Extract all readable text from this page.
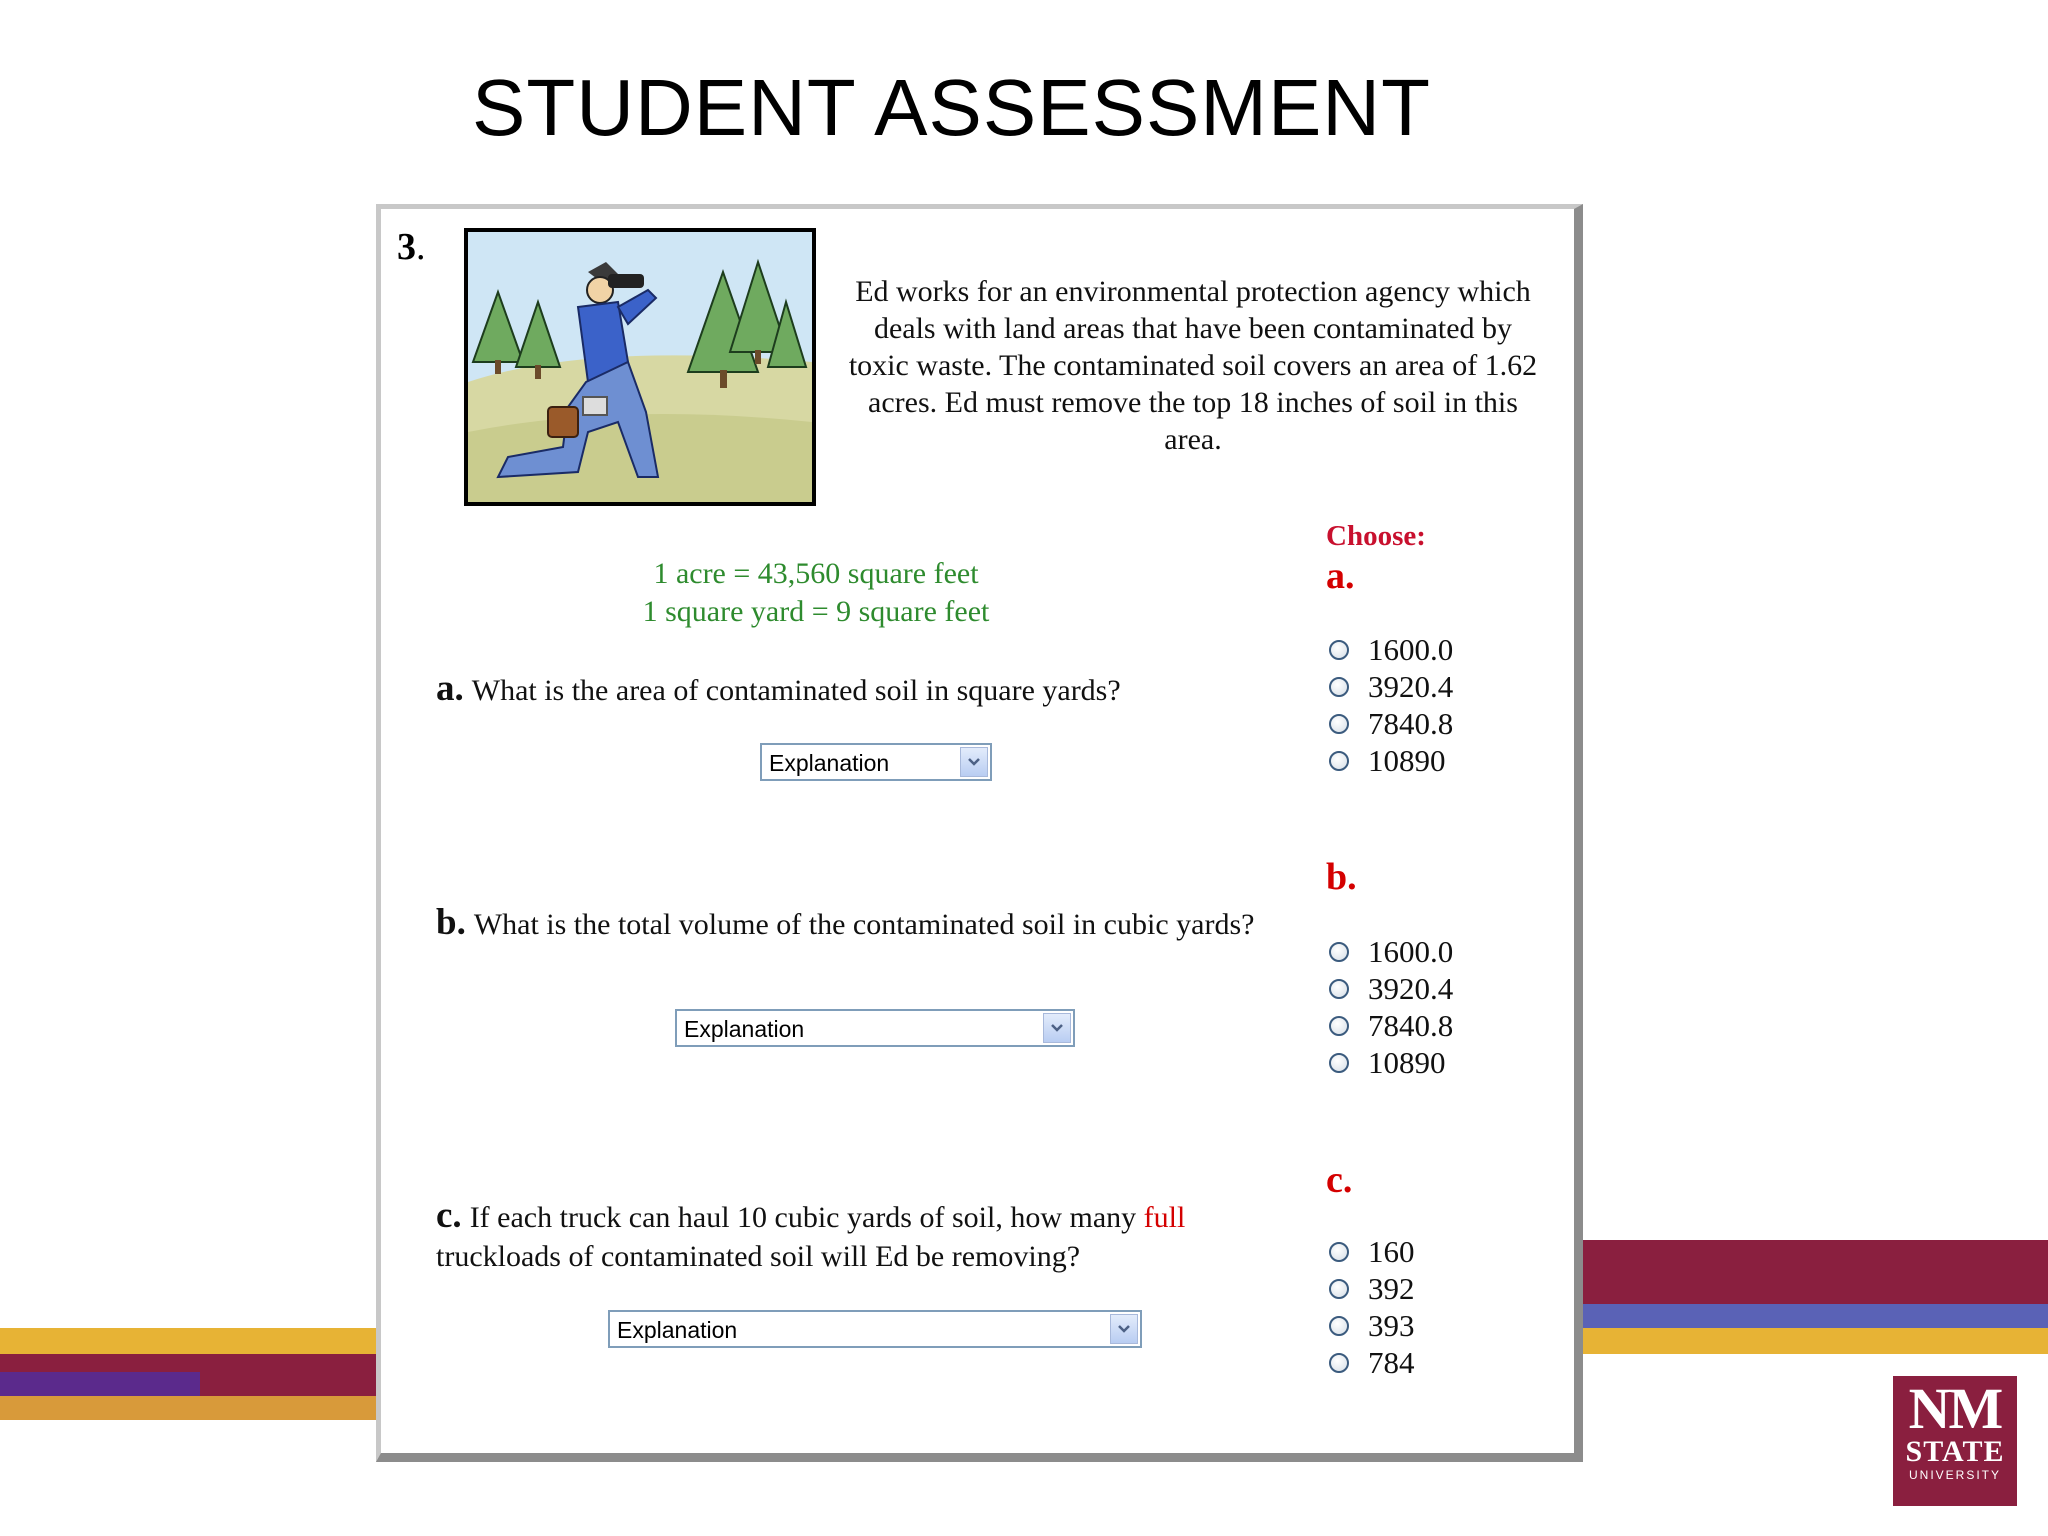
STUDENT ASSESSMENT
3.
Ed works for an environmental protection agency which deals with land areas that have been contaminated by toxic waste. The contaminated soil covers an area of 1.62 acres. Ed must remove the top 18 inches of soil in this area.
1 acre = 43,560 square feet
1 square yard = 9 square feet
a. What is the area of contaminated soil in square yards?
Explanation
b. What is the total volume of the contaminated soil in cubic yards?
Explanation
c. If each truck can haul 10 cubic yards of soil, how many full truckloads of contaminated soil will Ed be removing?
Explanation
Choose:
a.
1600.0
3920.4
7840.8
10890
b.
1600.0
3920.4
7840.8
10890
c.
160
392
393
784
NM
STATE
UNIVERSITY
